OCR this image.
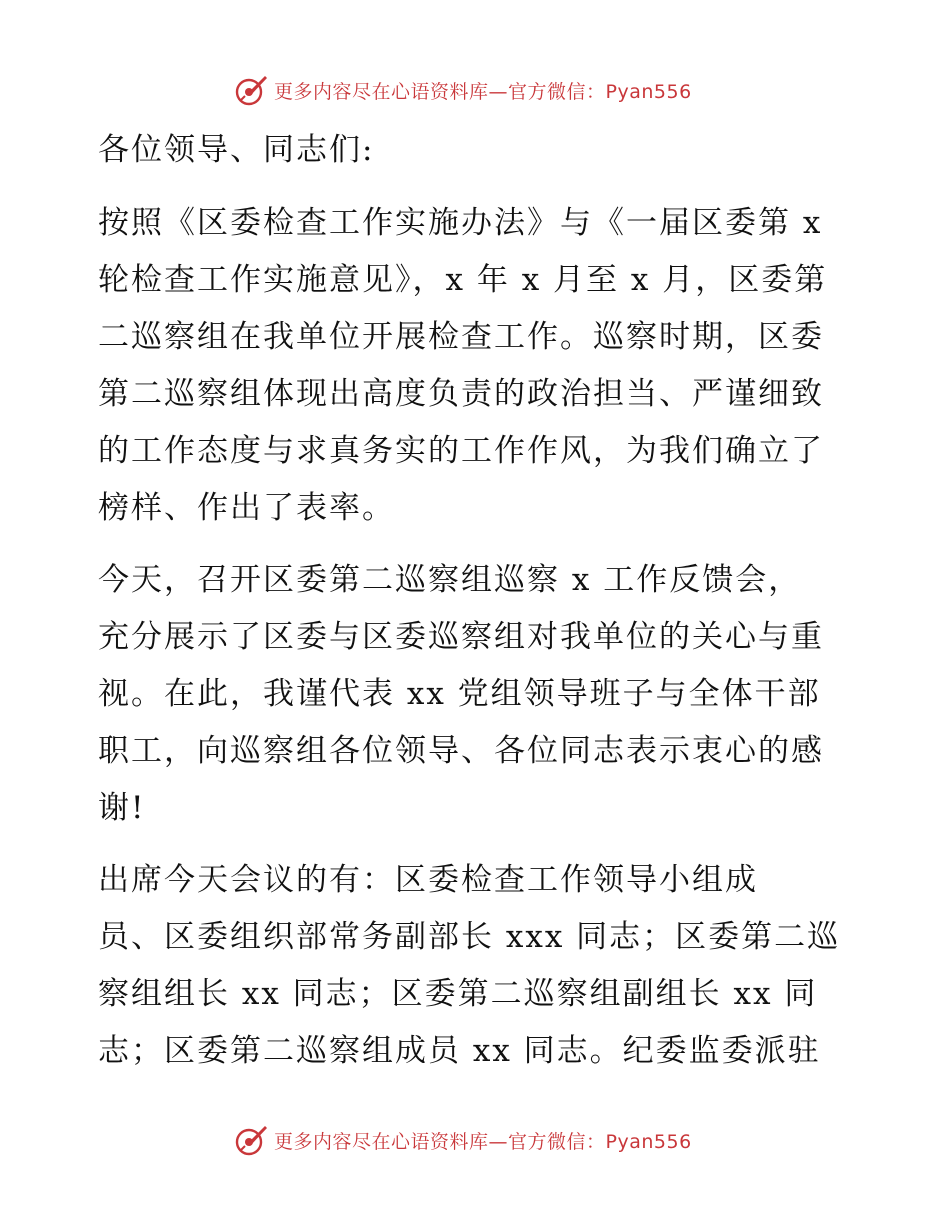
更多内容尽在心语资料库—官方微信：Pyan556
各位领导、同志们:
按照《区委检查工作实施办法》与《一届区委第 x
轮检查工作实施意见》，x 年 x 月至 x 月，区委第
二巡察组在我单位开展检查工作。巡察时期，区委
第二巡察组体现出高度负责的政治担当、严谨细致
的工作态度与求真务实的工作作风，为我们确立了
榜样、作出了表率。
今天，召开区委第二巡察组巡察 x 工作反馈会，
充分展示了区委与区委巡察组对我单位的关心与重
视。在此，我谨代表 xx 党组领导班子与全体干部
职工，向巡察组各位领导、各位同志表示衷心的感
谢!
出席今天会议的有：区委检查工作领导小组成
员、区委组织部常务副部长 xxx 同志；区委第二巡
察组组长 xx 同志；区委第二巡察组副组长 xx 同
志；区委第二巡察组成员 xx 同志。纪委监委派驻
更多内容尽在心语资料库—官方微信：Pyan556
